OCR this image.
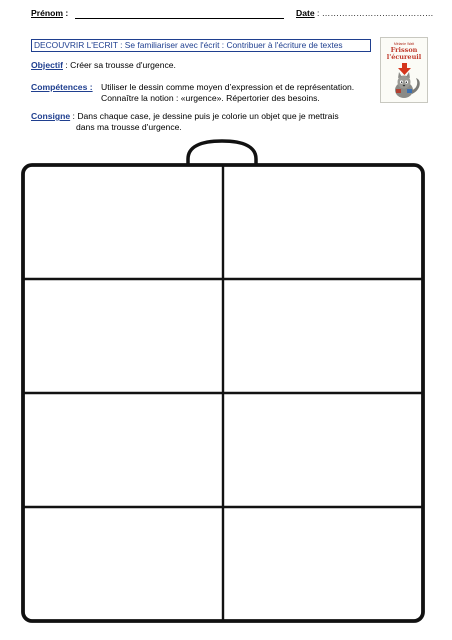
Prénom :	Date : …………………………………
DECOUVRIR L'ECRIT : Se familiariser avec l'écrit : Contribuer à l'écriture de textes	Mélanie Watt
Frisson
l'écureuil
Objectif : Créer sa trousse d'urgence.
Compétences : Utiliser le dessin comme moyen d’expression et de représentation.
Connaître la notion : «urgence». Répertorier des besoins.
Consigne : Dans chaque case, je dessine puis je colorie un objet que je mettrais
dans ma trousse d'urgence.
